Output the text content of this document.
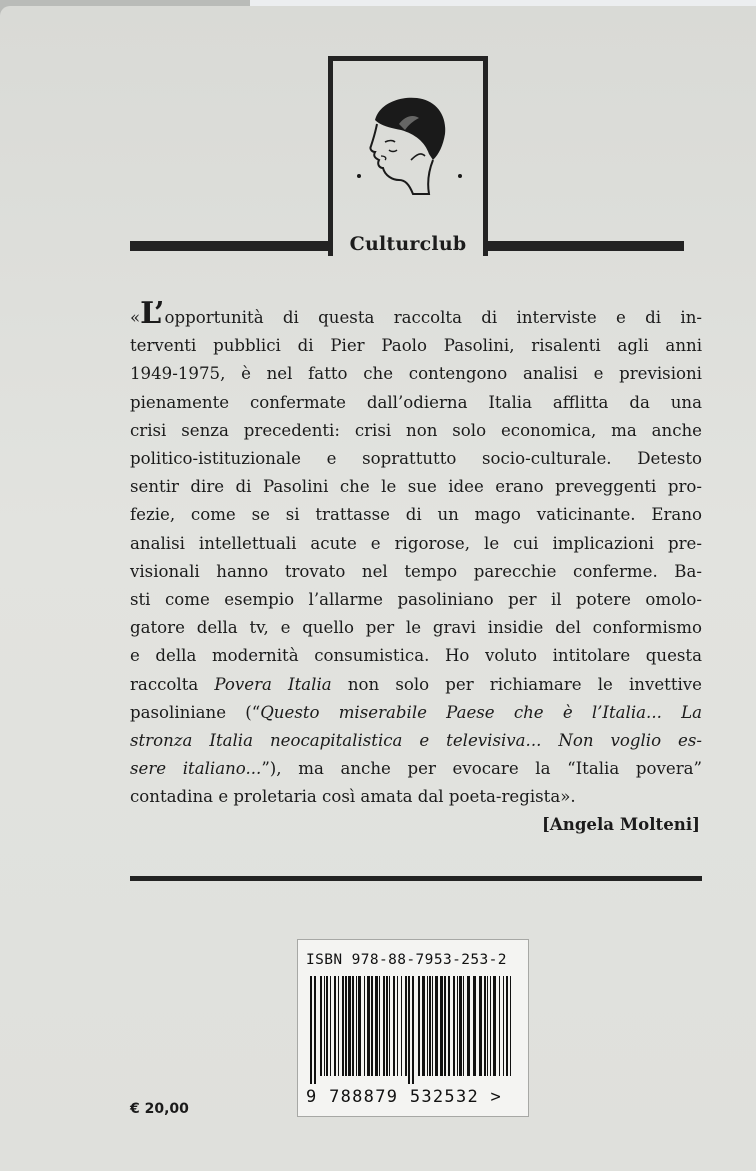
Culturclub
«L’opportunità di questa raccolta di interviste e di in-
terventi pubblici di Pier Paolo Pasolini, risalenti agli anni
1949-1975, è nel fatto che contengono analisi e previsioni
pienamente confermate dall’odierna Italia afflitta da una
crisi senza precedenti: crisi non solo economica, ma anche
politico-istituzionale e soprattutto socio-culturale. Detesto
sentir dire di Pasolini che le sue idee erano preveggenti pro-
fezie, come se si trattasse di un mago vaticinante. Erano
analisi intellettuali acute e rigorose, le cui implicazioni pre-
visionali hanno trovato nel tempo parecchie conferme. Ba-
sti come esempio l’allarme pasoliniano per il potere omolo-
gatore della tv, e quello per le gravi insidie del conformismo
e della modernità consumistica. Ho voluto intitolare questa
raccolta Povera Italia non solo per richiamare le invettive
pasoliniane (“Questo miserabile Paese che è l’Italia... La
stronza Italia neocapitalistica e televisiva... Non voglio es-
sere italiano...”), ma anche per evocare la “Italia povera”
contadina e proletaria così amata dal poeta-regista».
[Angela Molteni]
ISBN 978-88-7953-253-2
9 788879 532532 >
€ 20,00
